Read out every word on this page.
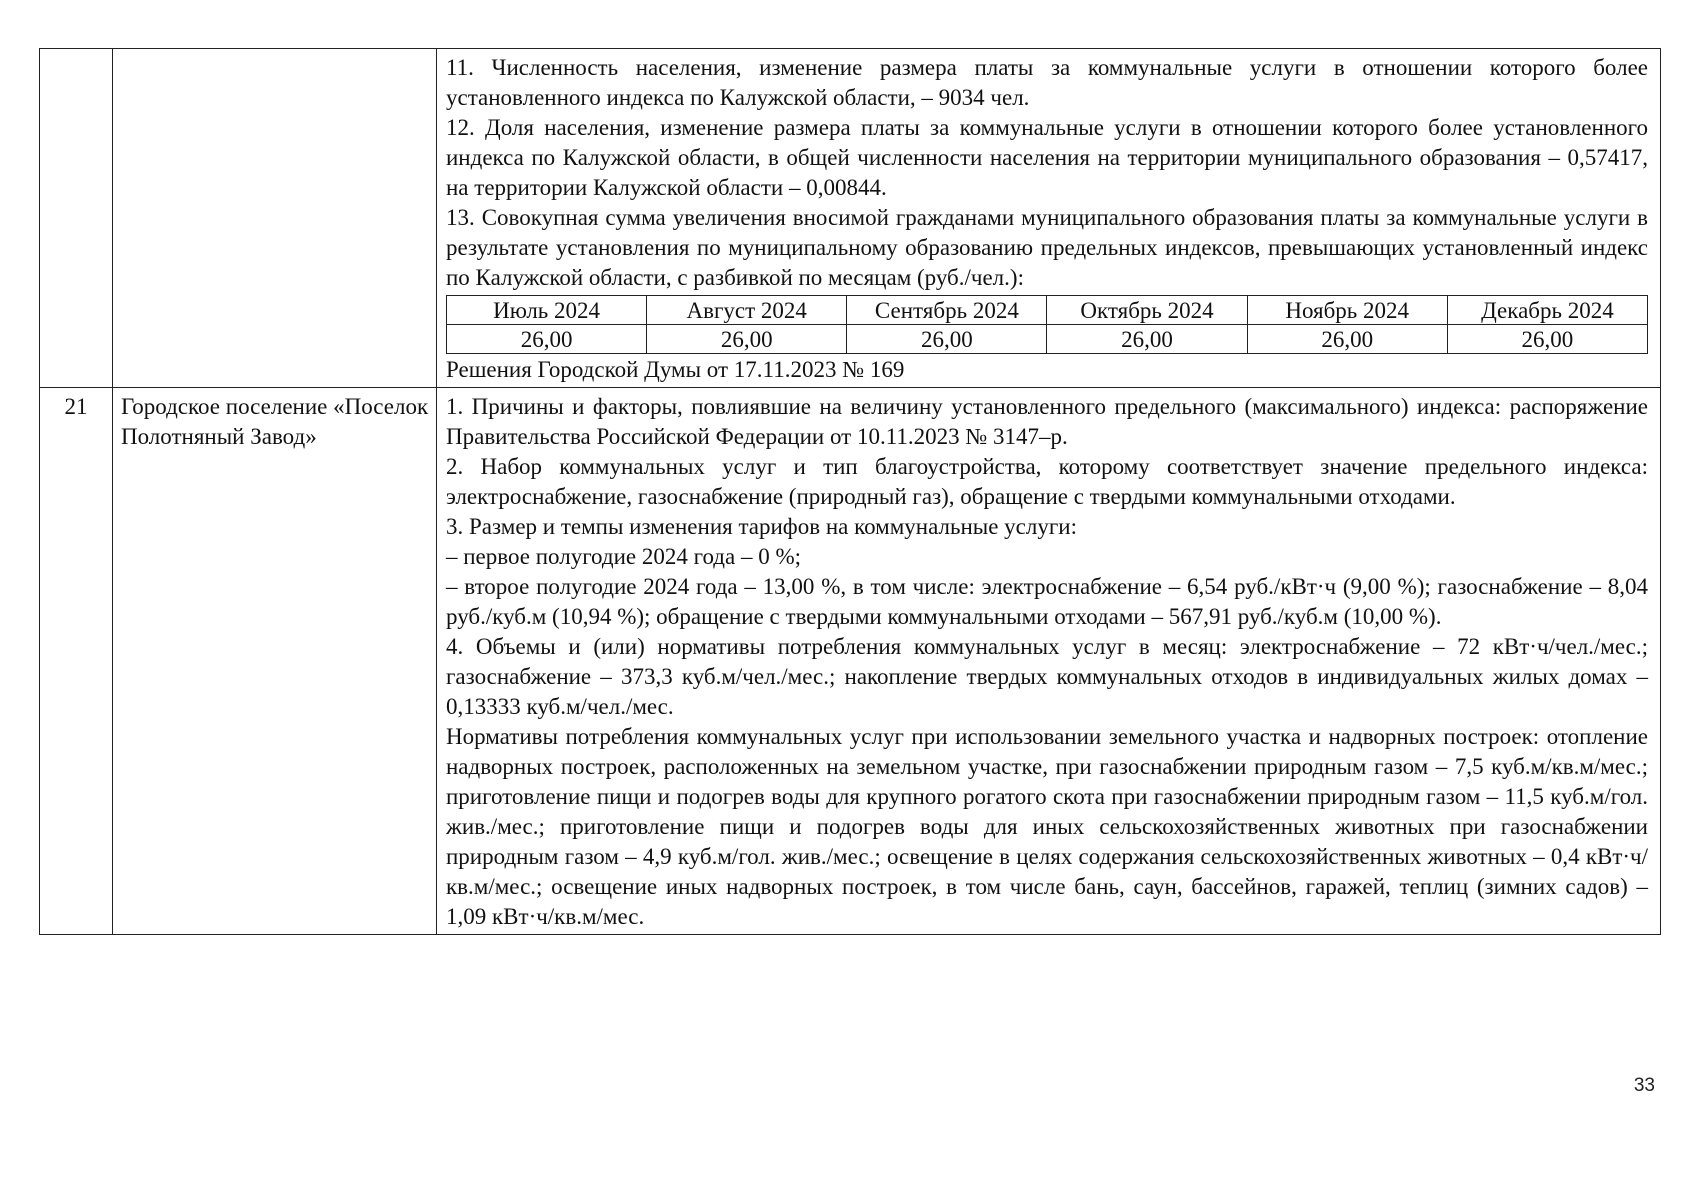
11. Численность населения, изменение размера платы за коммунальные услуги в отношении которого более установленного индекса по Калужской области, – 9034 чел.

12. Доля населения, изменение размера платы за коммунальные услуги в отношении которого более установленного индекса по Калужской области, в общей численности населения на территории муниципального образования – 0,57417, на территории Калужской области – 0,00844.

13. Совокупная сумма увеличения вносимой гражданами муниципального образования платы за коммунальные услуги в результате установления по муниципальному образованию предельных индексов, превышающих установленный индекс по Калужской области, с разбивкой по месяцам (руб./чел.):

Июль 2024	Август 2024	Сентябрь 2024	Октябрь 2024	Ноябрь 2024	Декабрь 2024
26,00	26,00	26,00	26,00	26,00	26,00

Решения Городской Думы от 17.11.2023 № 169

21	Городское поселение «Поселок Полотняный Завод»	

1. Причины и факторы, повлиявшие на величину установленного предельного (максимального) индекса: распоряжение Правительства Российской Федерации от 10.11.2023 № 3147–р.

2. Набор коммунальных услуг и тип благоустройства, которому соответствует значение предельного индекса: электроснабжение, газоснабжение (природный газ), обращение с твердыми коммунальными отходами.

3. Размер и темпы изменения тарифов на коммунальные услуги:

– первое полугодие 2024 года – 0 %;

– второе полугодие 2024 года – 13,00 %, в том числе: электроснабжение – 6,54 руб./кВт·ч (9,00 %); газоснабжение – 8,04 руб./куб.м (10,94 %); обращение с твердыми коммунальными отходами – 567,91 руб./куб.м (10,00 %).

4. Объемы и (или) нормативы потребления коммунальных услуг в месяц: электроснабжение – 72 кВт·ч/чел./мес.; газоснабжение – 373,3 куб.м/чел./мес.; накопление твердых коммунальных отходов в индивидуальных жилых домах – 0,13333 куб.м/чел./мес.

Нормативы потребления коммунальных услуг при использовании земельного участка и надворных построек: отопление надворных построек, расположенных на земельном участке, при газоснабжении природным газом – 7,5 куб.м/кв.м/мес.; приготовление пищи и подогрев воды для крупного рогатого скота при газоснабжении природным газом – 11,5 куб.м/гол. жив./мес.; приготовление пищи и подогрев воды для иных сельскохозяйственных животных при газоснабжении природным газом – 4,9 куб.м/гол. жив./мес.; освещение в целях содержания сельскохозяйственных животных – 0,4 кВт·ч/кв.м/мес.; освещение иных надворных построек, в том числе бань, саун, бассейнов, гаражей, теплиц (зимних садов) – 1,09 кВт·ч/кв.м/мес.

33
